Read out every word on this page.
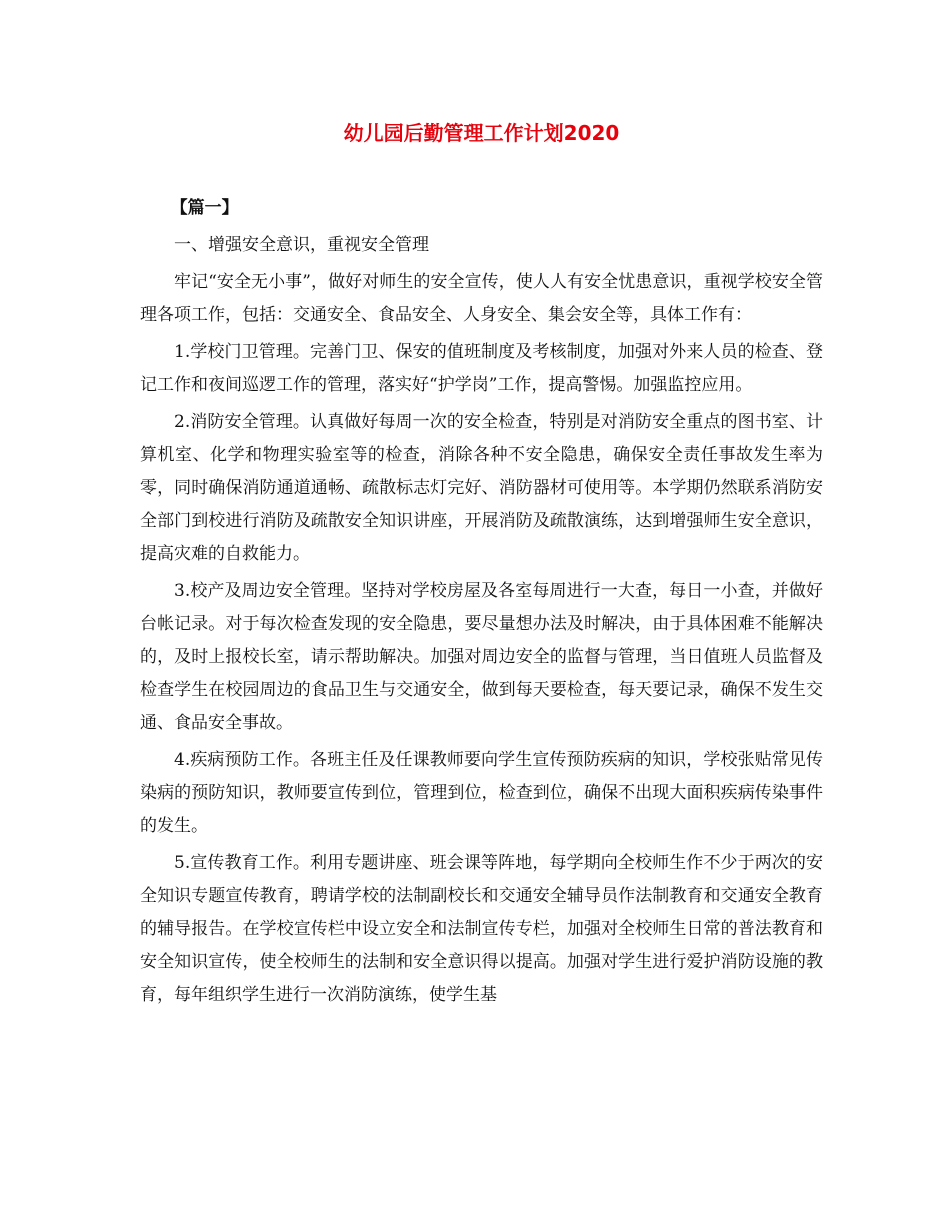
幼儿园后勤管理工作计划2020

【篇一】

一、增强安全意识，重视安全管理

牢记“安全无小事”，做好对师生的安全宣传，使人人有安全忧患意识，重视学校安全管理各项工作，包括：交通安全、食品安全、人身安全、集会安全等，具体工作有：

1.学校门卫管理。完善门卫、保安的值班制度及考核制度，加强对外来人员的检查、登记工作和夜间巡逻工作的管理，落实好“护学岗”工作，提高警惕。加强监控应用。

2.消防安全管理。认真做好每周一次的安全检查，特别是对消防安全重点的图书室、计算机室、化学和物理实验室等的检查，消除各种不安全隐患，确保安全责任事故发生率为零，同时确保消防通道通畅、疏散标志灯完好、消防器材可使用等。本学期仍然联系消防安全部门到校进行消防及疏散安全知识讲座，开展消防及疏散演练，达到增强师生安全意识，提高灾难的自救能力。

3.校产及周边安全管理。坚持对学校房屋及各室每周进行一大查，每日一小查，并做好台帐记录。对于每次检查发现的安全隐患，要尽量想办法及时解决，由于具体困难不能解决的，及时上报校长室，请示帮助解决。加强对周边安全的监督与管理，当日值班人员监督及检查学生在校园周边的食品卫生与交通安全，做到每天要检查，每天要记录，确保不发生交通、食品安全事故。

4.疾病预防工作。各班主任及任课教师要向学生宣传预防疾病的知识，学校张贴常见传染病的预防知识，教师要宣传到位，管理到位，检查到位，确保不出现大面积疾病传染事件的发生。

5.宣传教育工作。利用专题讲座、班会课等阵地，每学期向全校师生作不少于两次的安全知识专题宣传教育，聘请学校的法制副校长和交通安全辅导员作法制教育和交通安全教育的辅导报告。在学校宣传栏中设立安全和法制宣传专栏，加强对全校师生日常的普法教育和安全知识宣传，使全校师生的法制和安全意识得以提高。加强对学生进行爱护消防设施的教育，每年组织学生进行一次消防演练，使学生基
